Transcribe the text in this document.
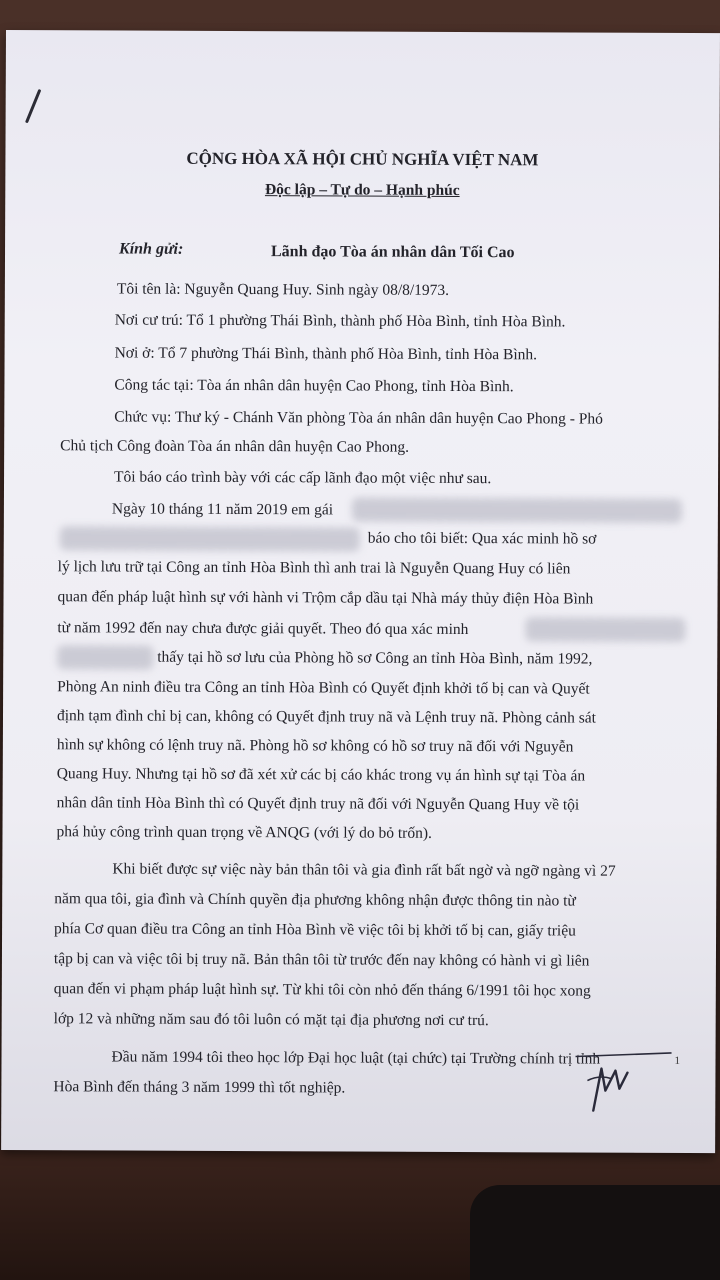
CỘNG HÒA XÃ HỘI CHỦ NGHĨA VIỆT NAM
Độc lập – Tự do – Hạnh phúc
Kính gửi:	Lãnh đạo Tòa án nhân dân Tối Cao
Tôi tên là: Nguyễn Quang Huy. Sinh ngày 08/8/1973.
Nơi cư trú: Tổ 1 phường Thái Bình, thành phố Hòa Bình, tỉnh Hòa Bình.
Nơi ở: Tổ 7 phường Thái Bình, thành phố Hòa Bình, tỉnh Hòa Bình.
Công tác tại: Tòa án nhân dân huyện Cao Phong, tỉnh Hòa Bình.
Chức vụ: Thư ký - Chánh Văn phòng Tòa án nhân dân huyện Cao Phong - Phó
Chủ tịch Công đoàn Tòa án nhân dân huyện Cao Phong.
Tôi báo cáo trình bày với các cấp lãnh đạo một việc như sau.
Ngày 10 tháng 11 năm 2019 em gái
báo cho tôi biết: Qua xác minh hồ sơ
lý lịch lưu trữ tại Công an tỉnh Hòa Bình thì anh trai là Nguyễn Quang Huy có liên
quan đến pháp luật hình sự với hành vi Trộm cắp dầu tại Nhà máy thủy điện Hòa Bình
từ năm 1992 đến nay chưa được giải quyết. Theo đó qua xác minh
thấy tại hồ sơ lưu của Phòng hồ sơ Công an tỉnh Hòa Bình, năm 1992,
Phòng An ninh điều tra Công an tỉnh Hòa Bình có Quyết định khởi tố bị can và Quyết
định tạm đình chỉ bị can, không có Quyết định truy nã và Lệnh truy nã. Phòng cảnh sát
hình sự không có lệnh truy nã. Phòng hồ sơ không có hồ sơ truy nã đối với Nguyễn
Quang Huy. Nhưng tại hồ sơ đã xét xử các bị cáo khác trong vụ án hình sự tại Tòa án
nhân dân tỉnh Hòa Bình thì có Quyết định truy nã đối với Nguyễn Quang Huy về tội
phá hủy công trình quan trọng về ANQG (với lý do bỏ trốn).
Khi biết được sự việc này bản thân tôi và gia đình rất bất ngờ và ngỡ ngàng vì 27
năm qua tôi, gia đình và Chính quyền địa phương không nhận được thông tin nào từ
phía Cơ quan điều tra Công an tỉnh Hòa Bình về việc tôi bị khởi tố bị can, giấy triệu
tập bị can và việc tôi bị truy nã. Bản thân tôi từ trước đến nay không có hành vi gì liên
quan đến vi phạm pháp luật hình sự. Từ khi tôi còn nhỏ đến tháng 6/1991 tôi học xong
lớp 12 và những năm sau đó tôi luôn có mặt tại địa phương nơi cư trú.
Đầu năm 1994 tôi theo học lớp Đại học luật (tại chức) tại Trường chính trị tỉnh
Hòa Bình đến tháng 3 năm 1999 thì tốt nghiệp.
1
